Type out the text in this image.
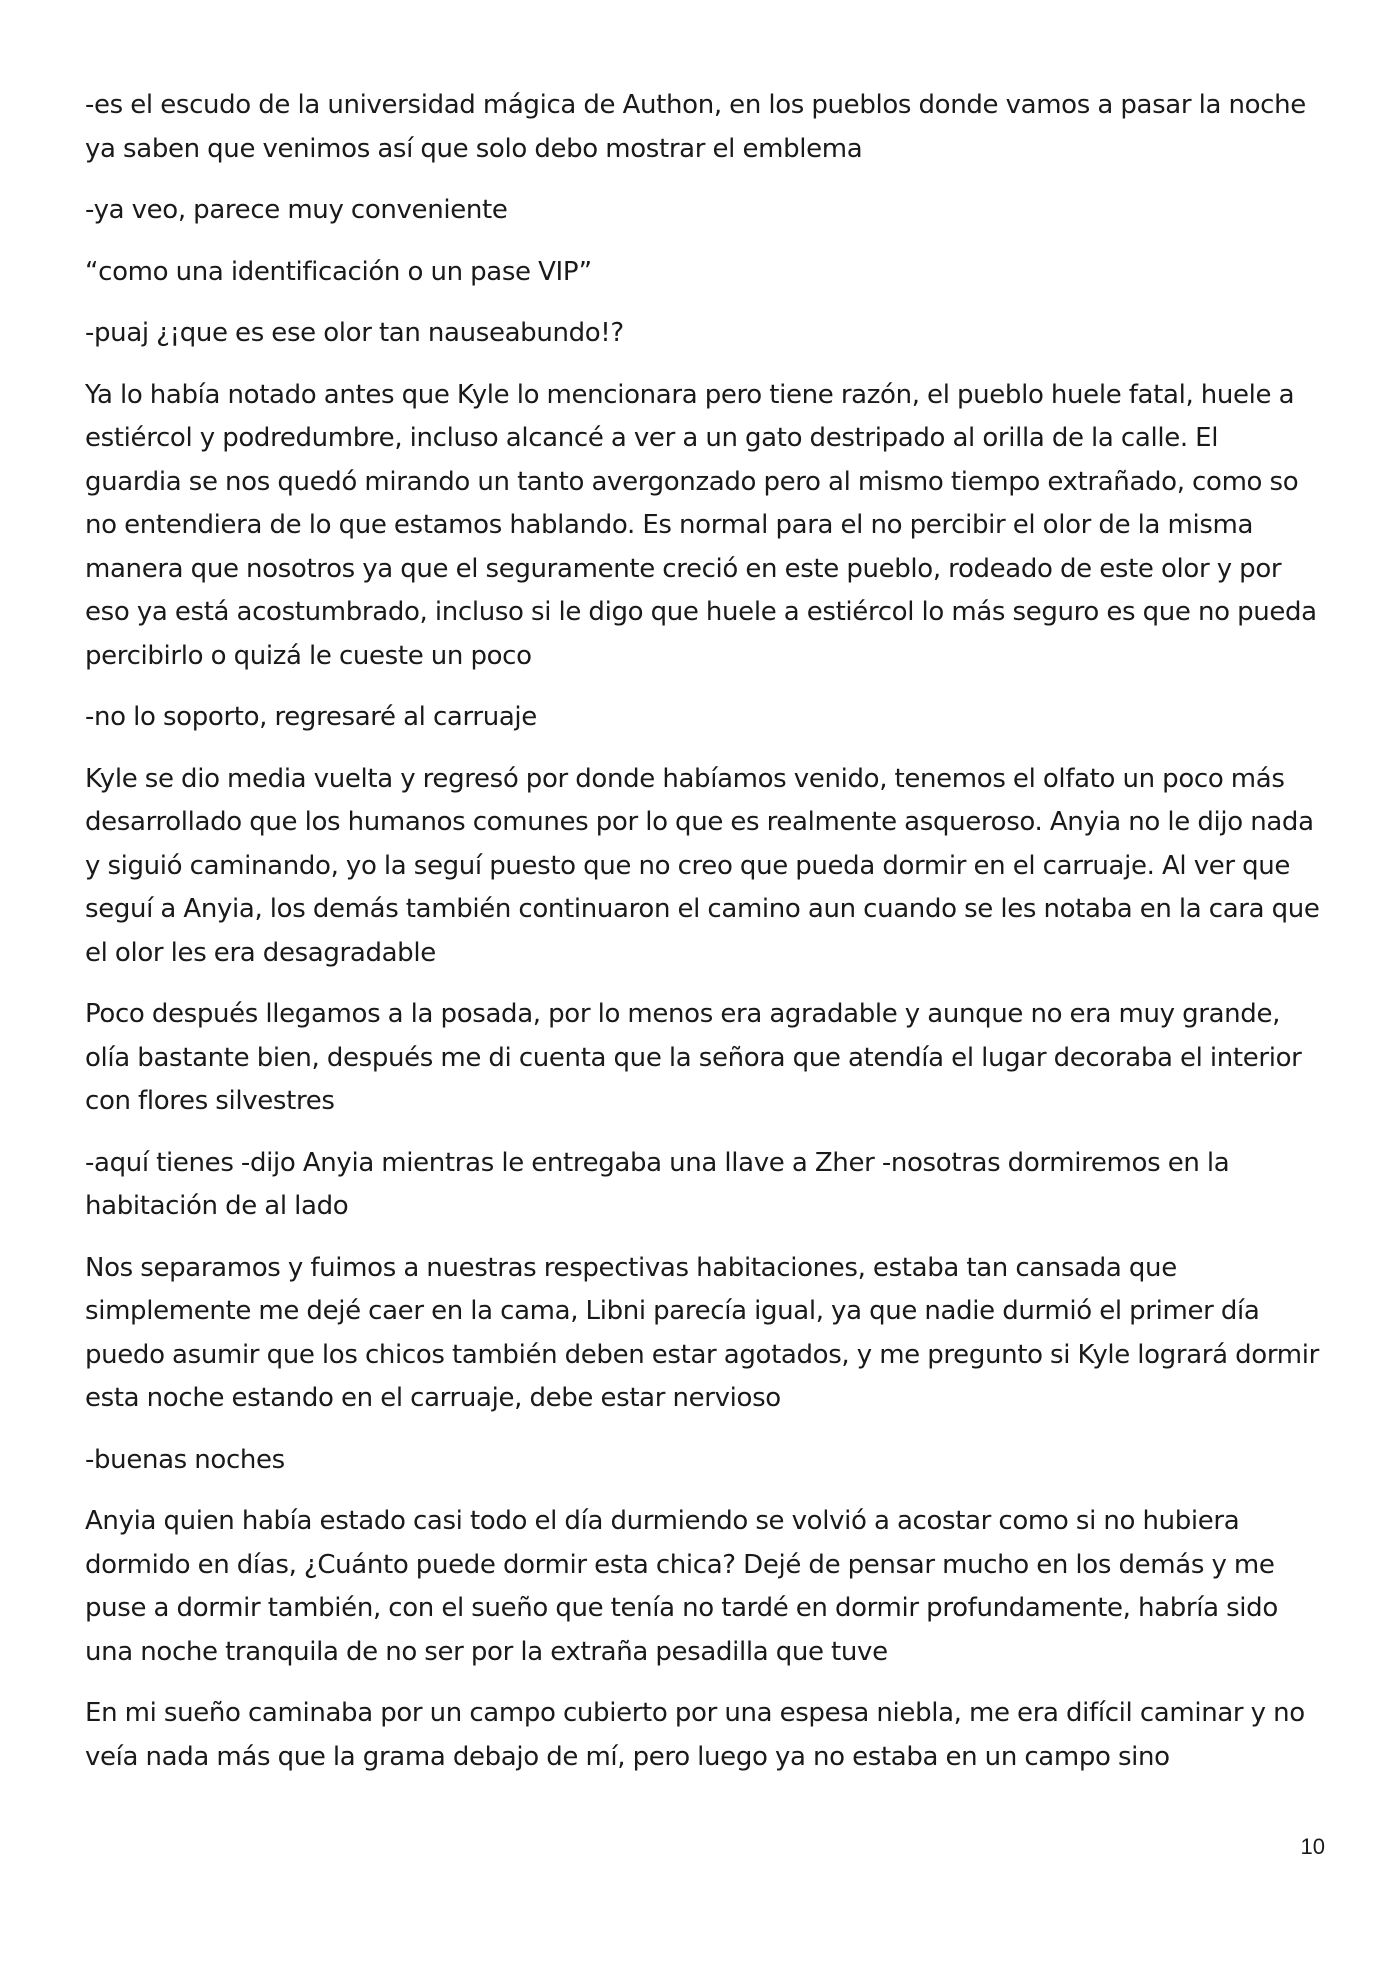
-es el escudo de la universidad mágica de Authon, en los pueblos donde vamos a pasar la noche ya saben que venimos así que solo debo mostrar el emblema

-ya veo, parece muy conveniente

“como una identificación o un pase VIP”

-puaj ¿¡que es ese olor tan nauseabundo!?

Ya lo había notado antes que Kyle lo mencionara pero tiene razón, el pueblo huele fatal, huele a estiércol y podredumbre, incluso alcancé a ver a un gato destripado al orilla de la calle. El guardia se nos quedó mirando un tanto avergonzado pero al mismo tiempo extrañado, como so no entendiera de lo que estamos hablando. Es normal para el no percibir el olor de la misma manera que nosotros ya que el seguramente creció en este pueblo, rodeado de este olor y por eso ya está acostumbrado, incluso si le digo que huele a estiércol lo más seguro es que no pueda percibirlo o quizá le cueste un poco

-no lo soporto, regresaré al carruaje

Kyle se dio media vuelta y regresó por donde habíamos venido, tenemos el olfato un poco más desarrollado que los humanos comunes por lo que es realmente asqueroso. Anyia no le dijo nada y siguió caminando, yo la seguí puesto que no creo que pueda dormir en el carruaje. Al ver que seguí a Anyia, los demás también continuaron el camino aun cuando se les notaba en la cara que el olor les era desagradable

Poco después llegamos a la posada, por lo menos era agradable y aunque no era muy grande, olía bastante bien, después me di cuenta que la señora que atendía el lugar decoraba el interior con flores silvestres

-aquí tienes -dijo Anyia mientras le entregaba una llave a Zher -nosotras dormiremos en la habitación de al lado

Nos separamos y fuimos a nuestras respectivas habitaciones, estaba tan cansada que simplemente me dejé caer en la cama, Libni parecía igual, ya que nadie durmió el primer día puedo asumir que los chicos también deben estar agotados, y me pregunto si Kyle logrará dormir esta noche estando en el carruaje, debe estar nervioso

-buenas noches

Anyia quien había estado casi todo el día durmiendo se volvió a acostar como si no hubiera dormido en días, ¿Cuánto puede dormir esta chica? Dejé de pensar mucho en los demás y me puse a dormir también, con el sueño que tenía no tardé en dormir profundamente, habría sido una noche tranquila de no ser por la extraña pesadilla que tuve

En mi sueño caminaba por un campo cubierto por una espesa niebla, me era difícil caminar y no veía nada más que la grama debajo de mí, pero luego ya no estaba en un campo sino

10
